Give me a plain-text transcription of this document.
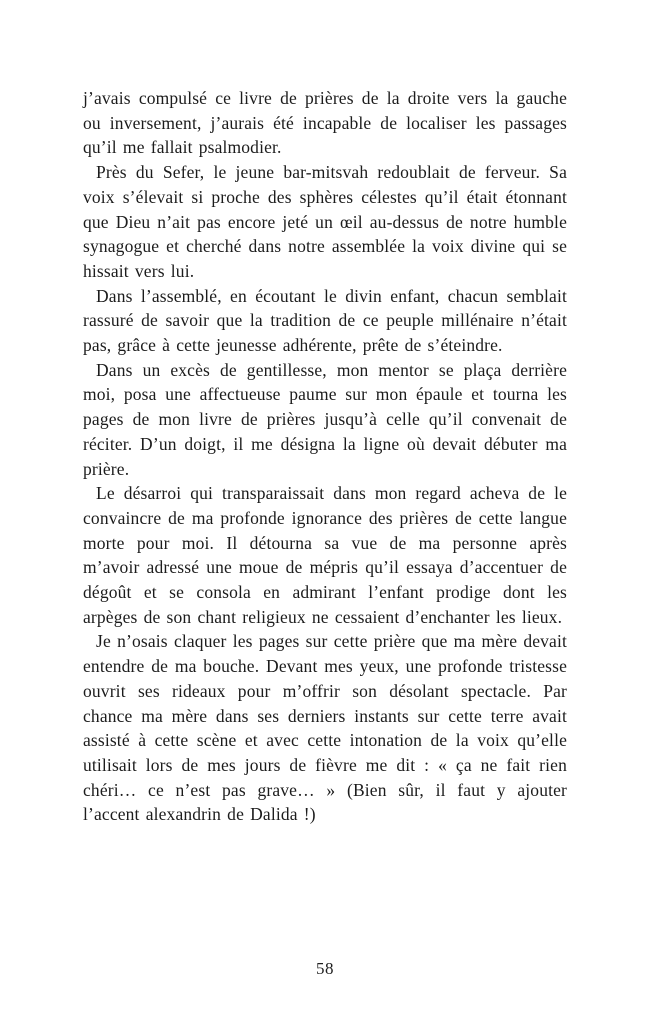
j’avais compulsé ce livre de prières de la droite vers la gauche ou inversement, j’aurais été incapable de localiser les passages qu’il me fallait psalmodier.

Près du Sefer, le jeune bar-mitsvah redoublait de ferveur. Sa voix s’élevait si proche des sphères célestes qu’il était étonnant que Dieu n’ait pas encore jeté un œil au-dessus de notre humble synagogue et cherché dans notre assemblée la voix divine qui se hissait vers lui.

Dans l’assemblé, en écoutant le divin enfant, chacun semblait rassuré de savoir que la tradition de ce peuple millénaire n’était pas, grâce à cette jeunesse adhérente, prête de s’éteindre.

Dans un excès de gentillesse, mon mentor se plaça derrière moi, posa une affectueuse paume sur mon épaule et tourna les pages de mon livre de prières jusqu’à celle qu’il convenait de réciter. D’un doigt, il me désigna la ligne où devait débuter ma prière.

Le désarroi qui transparaissait dans mon regard acheva de le convaincre de ma profonde ignorance des prières de cette langue morte pour moi. Il détourna sa vue de ma personne après m’avoir adressé une moue de mépris qu’il essaya d’accentuer de dégoût et se consola en admirant l’enfant prodige dont les arpèges de son chant religieux ne cessaient d’enchanter les lieux.

Je n’osais claquer les pages sur cette prière que ma mère devait entendre de ma bouche. Devant mes yeux, une profonde tristesse ouvrit ses rideaux pour m’offrir son désolant spectacle. Par chance ma mère dans ses derniers instants sur cette terre avait assisté à cette scène et avec cette intonation de la voix qu’elle utilisait lors de mes jours de fièvre me dit : « ça ne fait rien chéri… ce n’est pas grave… » (Bien sûr, il faut y ajouter l’accent alexandrin de Dalida !)

58
